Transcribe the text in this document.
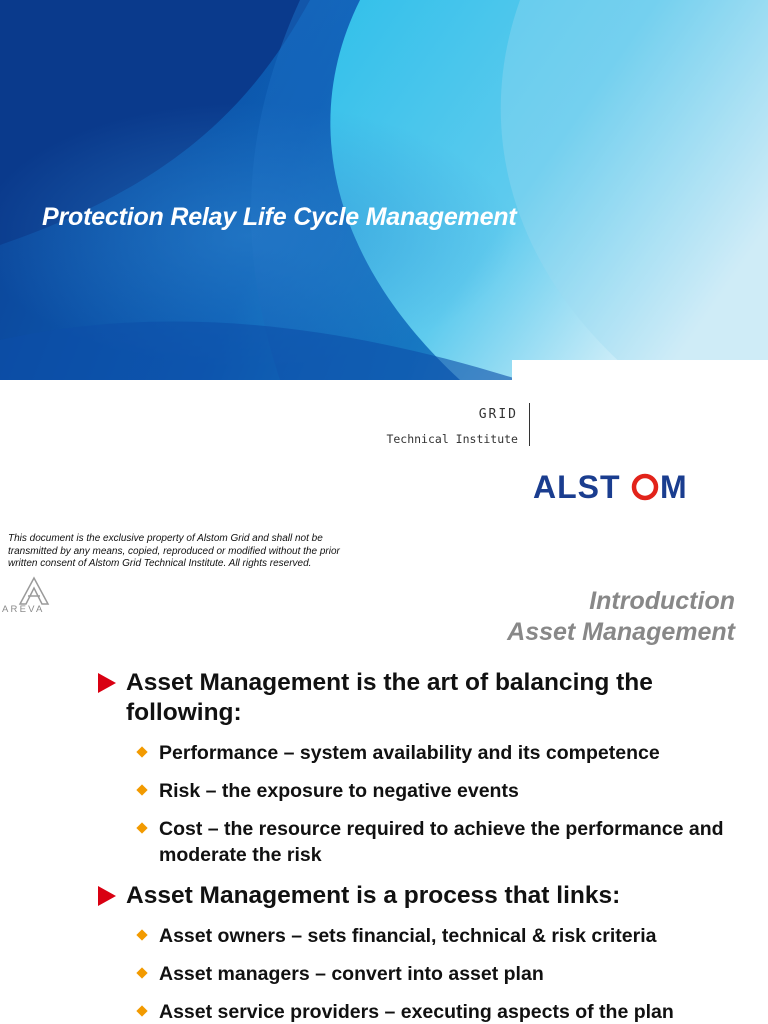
Protection Relay Life Cycle Management
GRID
Technical Institute
ALST M
This document is the exclusive property of Alstom Grid and shall not be
transmitted by any means, copied, reproduced or modified without the prior
written consent of Alstom Grid Technical Institute. All rights reserved.
AREVA	Introduction
Asset Management
Asset Management is the art of balancing the following:
Performance – system availability and its competence
Risk – the exposure to negative events
Cost – the resource required to achieve the performance and moderate the risk
Asset Management is a process that links:
Asset owners – sets financial, technical & risk criteria
Asset managers – convert into asset plan
Asset service providers – executing aspects of the plan
